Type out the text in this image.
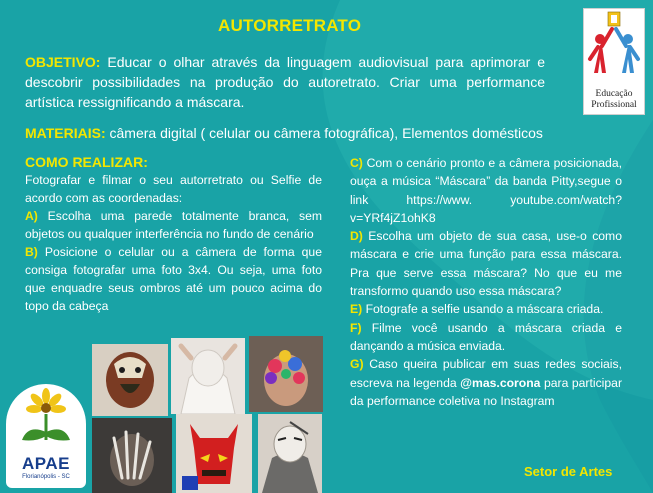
AUTORRETRATO
Educação
Profissional
OBJETIVO: Educar o olhar através da linguagem audiovisual para aprimorar e descobrir possibilidades na produção do autoretrato. Criar uma performance artística ressignificando a máscara.
MATERIAIS: câmera digital ( celular ou câmera fotográfica), Elementos domésticos
COMO REALIZAR:

Fotografar e filmar o seu autorretrato ou Selfie de acordo com as coordenadas:

A) Escolha uma parede totalmente branca, sem objetos ou qualquer interferência no fundo de cenário

B) Posicione o celular ou a câmera de forma que consiga fotografar uma foto 3x4. Ou seja, uma foto que enquadre seus ombros até um pouco acima do topo da cabeça

C) Com o cenário pronto e a câmera posicionada, ouça a música “Máscara” da banda Pitty,segue o link https://www. youtube.com/watch?v=YRf4jZ1ohK8

D) Escolha um objeto de sua casa, use-o como máscara e crie uma função para essa máscara. Pra que serve essa máscara? No que eu me transformo quando uso essa máscara?

E) Fotografe a selfie usando a máscara criada.

F) Filme você usando a máscara criada e dançando a música enviada.

G) Caso queira publicar em suas redes sociais, escreva na legenda @mas.corona para participar da performance coletiva no Instagram

APAE
Florianópolis - SC	Setor de Artes
